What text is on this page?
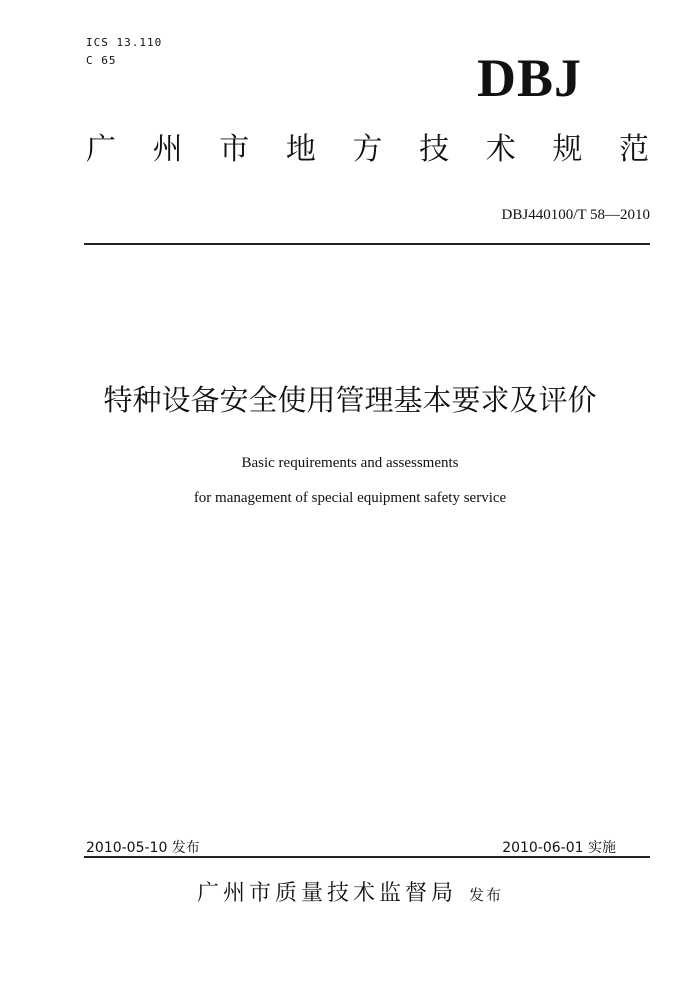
ICS 13.110
C 65	DBJ
广 州 市 地 方 技 术 规 范
DBJ440100/T 58—2010
特种设备安全使用管理基本要求及评价
Basic requirements and assessments
for management of special equipment safety service
2010-05-10 发布	2010-06-01 实施
广州市质量技术监督局 发布
